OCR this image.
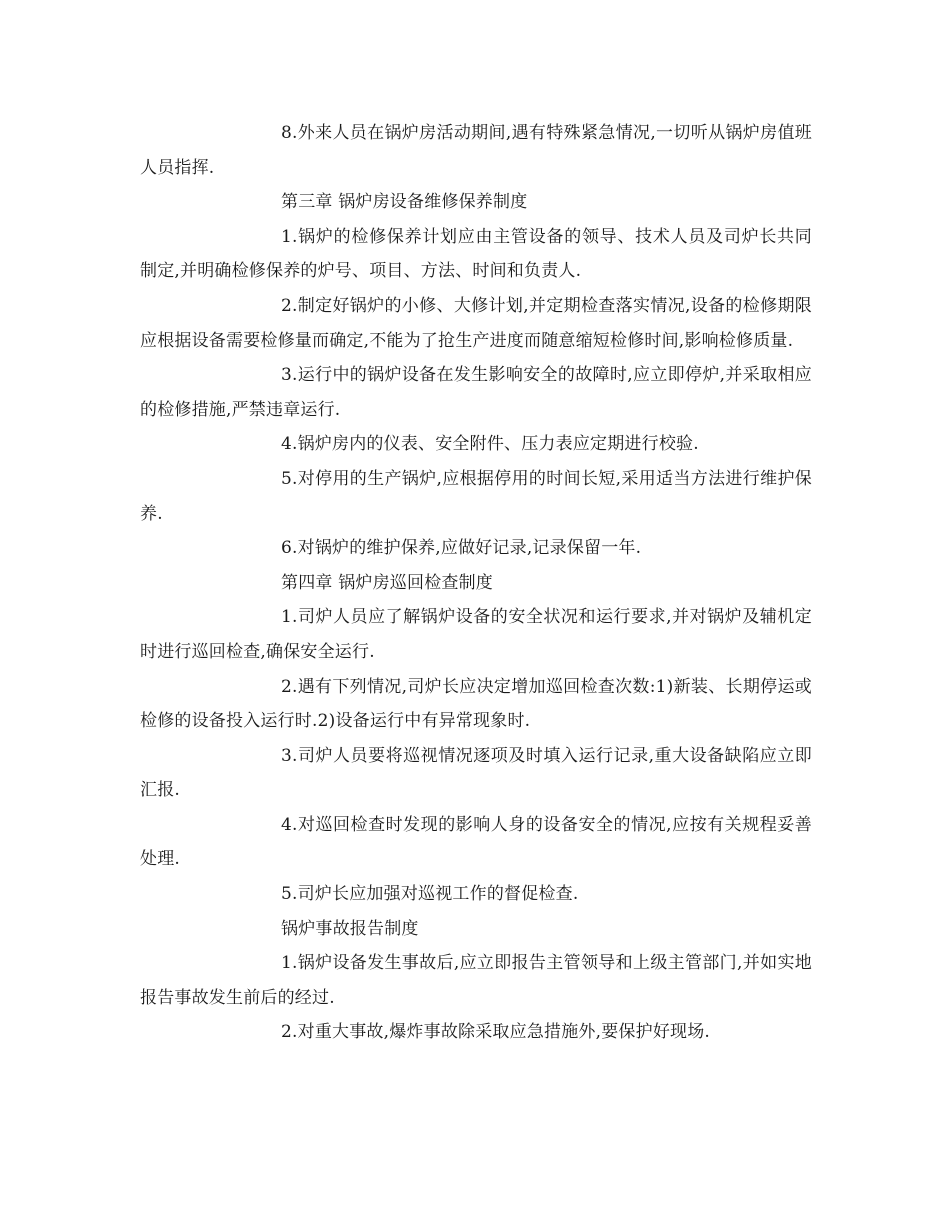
8.外来人员在锅炉房活动期间,遇有特殊紧急情况,一切听从锅炉房值班人员指挥.

第三章 锅炉房设备维修保养制度

1.锅炉的检修保养计划应由主管设备的领导、技术人员及司炉长共同制定,并明确检修保养的炉号、项目、方法、时间和负责人.

2.制定好锅炉的小修、大修计划,并定期检查落实情况,设备的检修期限应根据设备需要检修量而确定,不能为了抢生产进度而随意缩短检修时间,影响检修质量.

3.运行中的锅炉设备在发生影响安全的故障时,应立即停炉,并采取相应的检修措施,严禁违章运行.

4.锅炉房内的仪表、安全附件、压力表应定期进行校验.

5.对停用的生产锅炉,应根据停用的时间长短,采用适当方法进行维护保养.

6.对锅炉的维护保养,应做好记录,记录保留一年.

第四章 锅炉房巡回检查制度

1.司炉人员应了解锅炉设备的安全状况和运行要求,并对锅炉及辅机定时进行巡回检查,确保安全运行.

2.遇有下列情况,司炉长应决定增加巡回检查次数:1)新装、长期停运或检修的设备投入运行时.2)设备运行中有异常现象时.

3.司炉人员要将巡视情况逐项及时填入运行记录,重大设备缺陷应立即汇报.

4.对巡回检查时发现的影响人身的设备安全的情况,应按有关规程妥善处理.

5.司炉长应加强对巡视工作的督促检查.

锅炉事故报告制度

1.锅炉设备发生事故后,应立即报告主管领导和上级主管部门,并如实地报告事故发生前后的经过.

2.对重大事故,爆炸事故除采取应急措施外,要保护好现场.
